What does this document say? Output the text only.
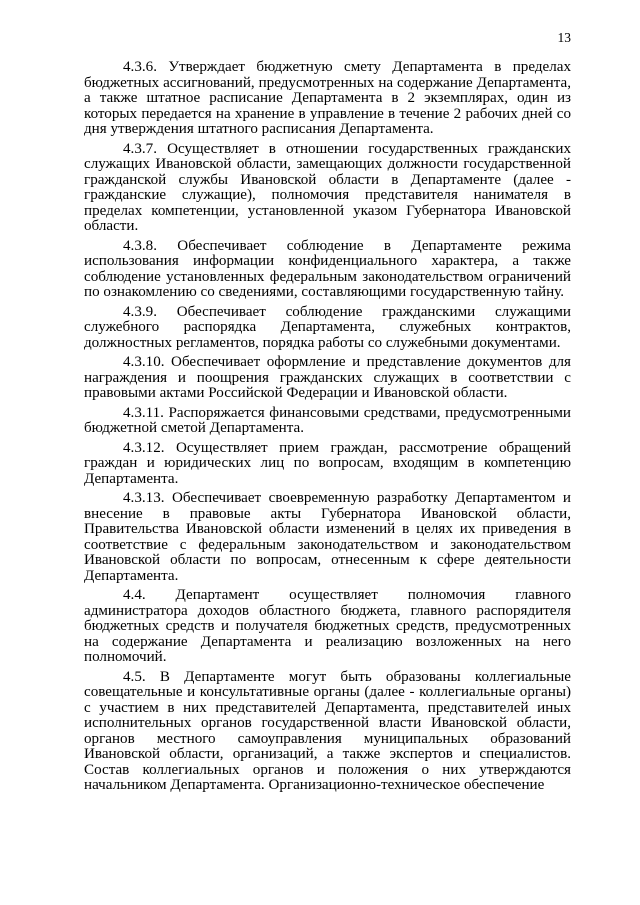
13

4.3.6. Утверждает бюджетную смету Департамента в пределах бюджетных ассигнований, предусмотренных на содержание Департамента, а также штатное расписание Департамента в 2 экземплярах, один из которых передается на хранение в управление в течение 2 рабочих дней со дня утверждения штатного расписания Департамента.

4.3.7. Осуществляет в отношении государственных гражданских служащих Ивановской области, замещающих должности государственной гражданской службы Ивановской области в Департаменте (далее - гражданские служащие), полномочия представителя нанимателя в пределах компетенции, установленной указом Губернатора Ивановской области.

4.3.8. Обеспечивает соблюдение в Департаменте режима использования информации конфиденциального характера, а также соблюдение установленных федеральным законодательством ограничений по ознакомлению со сведениями, составляющими государственную тайну.

4.3.9. Обеспечивает соблюдение гражданскими служащими служебного распорядка Департамента, служебных контрактов, должностных регламентов, порядка работы со служебными документами.

4.3.10. Обеспечивает оформление и представление документов для награждения и поощрения гражданских служащих в соответствии с правовыми актами Российской Федерации и Ивановской области.

4.3.11. Распоряжается финансовыми средствами, предусмотренными бюджетной сметой Департамента.

4.3.12. Осуществляет прием граждан, рассмотрение обращений граждан и юридических лиц по вопросам, входящим в компетенцию Департамента.

4.3.13. Обеспечивает своевременную разработку Департаментом и внесение в правовые акты Губернатора Ивановской области, Правительства Ивановской области изменений в целях их приведения в соответствие с федеральным законодательством и законодательством Ивановской области по вопросам, отнесенным к сфере деятельности Департамента.

4.4. Департамент осуществляет полномочия главного администратора доходов областного бюджета, главного распорядителя бюджетных средств и получателя бюджетных средств, предусмотренных на содержание Департамента и реализацию возложенных на него полномочий.

4.5. В Департаменте могут быть образованы коллегиальные совещательные и консультативные органы (далее - коллегиальные органы) с участием в них представителей Департамента, представителей иных исполнительных органов государственной власти Ивановской области, органов местного самоуправления муниципальных образований Ивановской области, организаций, а также экспертов и специалистов. Состав коллегиальных органов и положения о них утверждаются начальником Департамента. Организационно-техническое обеспечение
